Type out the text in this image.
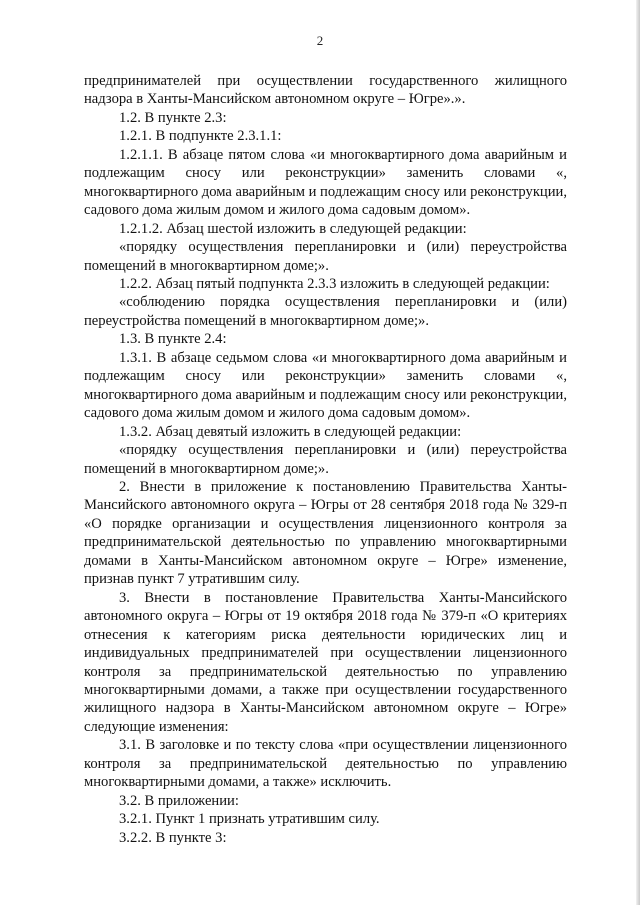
2

предпринимателей при осуществлении государственного жилищного надзора в Ханты-Мансийском автономном округе – Югре».».

1.2. В пункте 2.3:

1.2.1. В подпункте 2.3.1.1:

1.2.1.1. В абзаце пятом слова «и многоквартирного дома аварийным и подлежащим сносу или реконструкции» заменить словами «, многоквартирного дома аварийным и подлежащим сносу или реконструкции, садового дома жилым домом и жилого дома садовым домом».

1.2.1.2. Абзац шестой изложить в следующей редакции:

«порядку осуществления перепланировки и (или) переустройства помещений в многоквартирном доме;».

1.2.2. Абзац пятый подпункта 2.3.3 изложить в следующей редакции:

«соблюдению порядка осуществления перепланировки и (или) переустройства помещений в многоквартирном доме;».

1.3. В пункте 2.4:

1.3.1. В абзаце седьмом слова «и многоквартирного дома аварийным и подлежащим сносу или реконструкции» заменить словами «, многоквартирного дома аварийным и подлежащим сносу или реконструкции, садового дома жилым домом и жилого дома садовым домом».

1.3.2. Абзац девятый изложить в следующей редакции:

«порядку осуществления перепланировки и (или) переустройства помещений в многоквартирном доме;».

2. Внести в приложение к постановлению Правительства Ханты-Мансийского автономного округа – Югры от 28 сентября 2018 года № 329-п «О порядке организации и осуществления лицензионного контроля за предпринимательской деятельностью по управлению многоквартирными домами в Ханты-Мансийском автономном округе – Югре» изменение, признав пункт 7 утратившим силу.

3. Внести в постановление Правительства Ханты-Мансийского автономного округа – Югры от 19 октября 2018 года № 379-п «О критериях отнесения к категориям риска деятельности юридических лиц и индивидуальных предпринимателей при осуществлении лицензионного контроля за предпринимательской деятельностью по управлению многоквартирными домами, а также при осуществлении государственного жилищного надзора в Ханты-Мансийском автономном округе – Югре» следующие изменения:

3.1. В заголовке и по тексту слова «при осуществлении лицензионного контроля за предпринимательской деятельностью по управлению многоквартирными домами, а также» исключить.

3.2. В приложении:

3.2.1. Пункт 1 признать утратившим силу.

3.2.2. В пункте 3:
